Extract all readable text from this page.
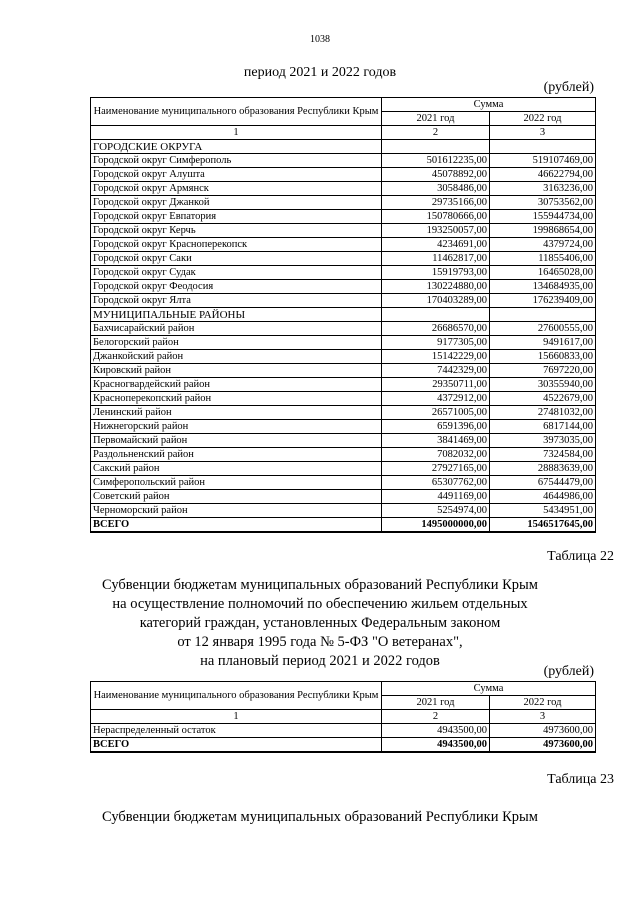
1038
период 2021 и 2022 годов
(рублей)
Наименование муниципального образования Республики Крым	Сумма	
	2021 год	2022 год
1	2	3
ГОРОДСКИЕ ОКРУГА		
Городской округ Симферополь	501612235,00	519107469,00
Городской округ Алушта	45078892,00	46622794,00
Городской округ Армянск	3058486,00	3163236,00
Городской округ Джанкой	29735166,00	30753562,00
Городской округ Евпатория	150780666,00	155944734,00
Городской округ Керчь	193250057,00	199868654,00
Городской округ Красноперекопск	4234691,00	4379724,00
Городской округ Саки	11462817,00	11855406,00
Городской округ Судак	15919793,00	16465028,00
Городской округ Феодосия	130224880,00	134684935,00
Городской округ Ялта	170403289,00	176239409,00
МУНИЦИПАЛЬНЫЕ РАЙОНЫ		
Бахчисарайский район	26686570,00	27600555,00
Белогорский район	9177305,00	9491617,00
Джанкойский район	15142229,00	15660833,00
Кировский район	7442329,00	7697220,00
Красногвардейский район	29350711,00	30355940,00
Красноперекопский район	4372912,00	4522679,00
Ленинский район	26571005,00	27481032,00
Нижнегорский район	6591396,00	6817144,00
Первомайский район	3841469,00	3973035,00
Раздольненский район	7082032,00	7324584,00
Сакский район	27927165,00	28883639,00
Симферопольский район	65307762,00	67544479,00
Советский район	4491169,00	4644986,00
Черноморский район	5254974,00	5434951,00
ВСЕГО	1495000000,00	1546517645,00
Таблица 22
Субвенции бюджетам муниципальных образований Республики Крым
на осуществление полномочий по обеспечению жильем отдельных
категорий граждан, установленных Федеральным законом
от 12 января 1995 года № 5-ФЗ "О ветеранах",
на плановый период 2021 и 2022 годов
(рублей)
Наименование муниципального образования Республики Крым	Сумма	
	2021 год	2022 год
1	2	3
Нераспределенный остаток	4943500,00	4973600,00
ВСЕГО	4943500,00	4973600,00
Таблица 23
Субвенции бюджетам муниципальных образований Республики Крым
